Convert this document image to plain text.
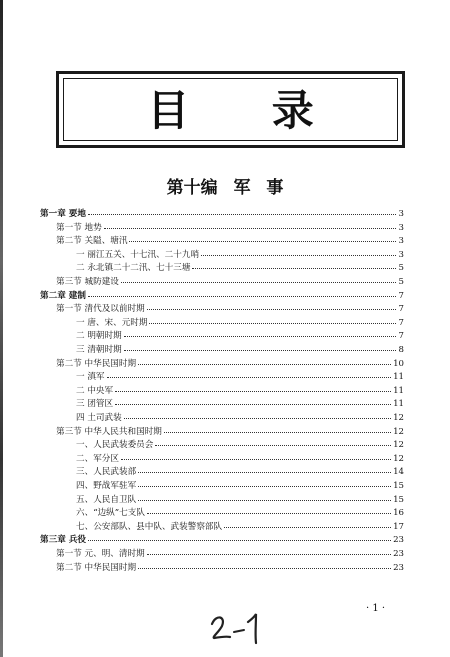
目 录
第十编 军 事
第一章 要地	3
第一节 地势	3
第二节 关隘、塘汛	3
一 丽江五关、十七汛、二十九哨	3
二 永北镇二十二汛、七十三塘	5
第三节 城防建设	5
第二章 建制	7
第一节 清代及以前时期	7
一 唐、宋、元时期	7
二 明朝时期	7
三 清朝时期	8
第二节 中华民国时期	10
一 滇军	11
二 中央军	11
三 团管区	11
四 土司武装	12
第三节 中华人民共和国时期	12
一、人民武装委员会	12
二、军分区	12
三、人民武装部	14
四、野战军驻军	15
五、人民自卫队	15
六、“边纵”七支队	16
七、公安部队、县中队、武装警察部队	17
第三章 兵役	23
第一节 元、明、清时期	23
第二节 中华民国时期	23
· 1 ·
